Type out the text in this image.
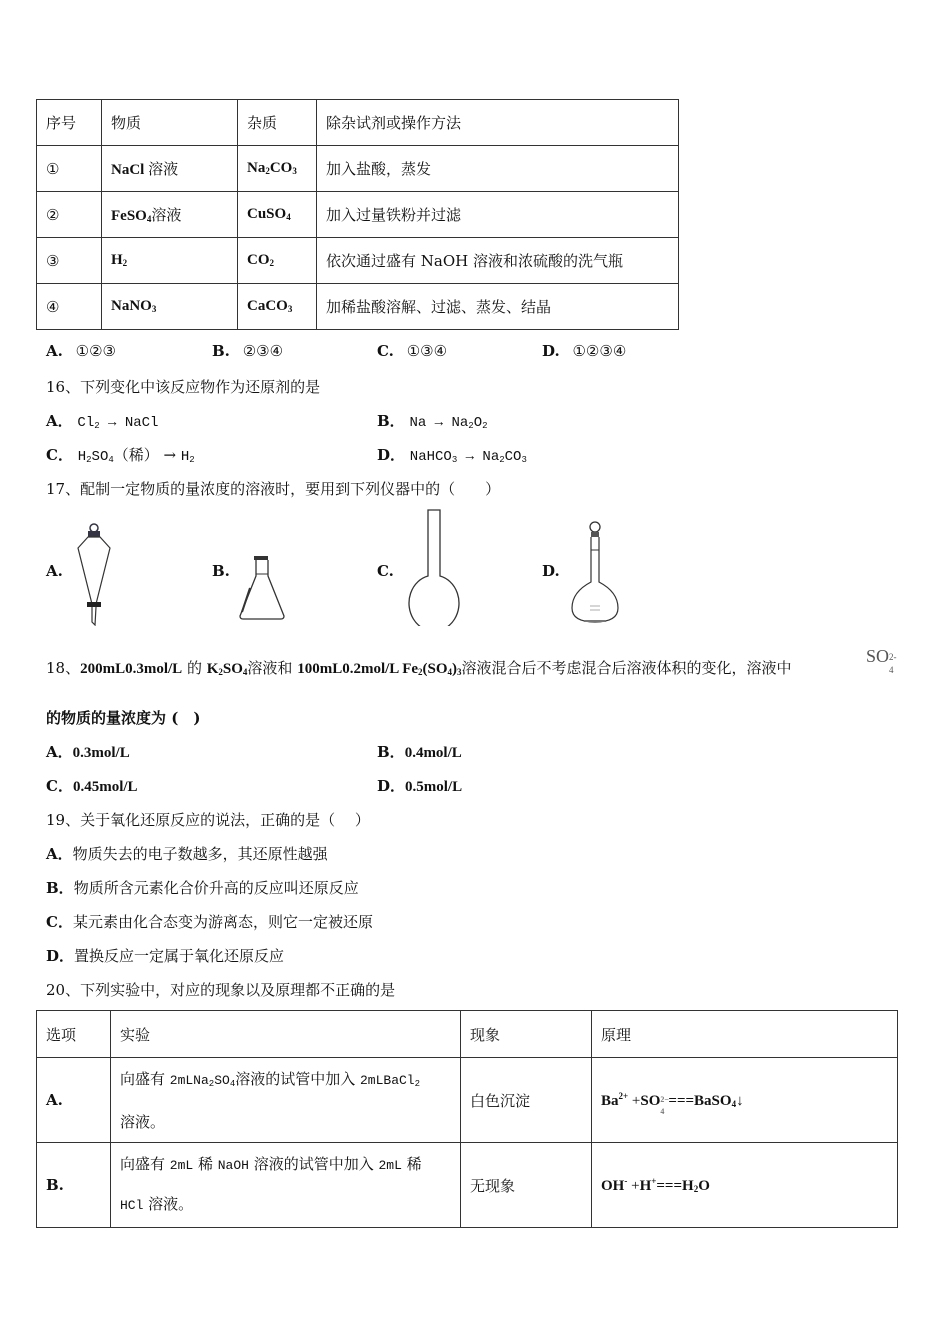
序号	物质	杂质	除杂试剂或操作方法
①	NaCl 溶液	$Na_2CO_3$	加入盐酸，蒸发
②	FeSO$_4$溶液	CuSO$_4$	加入过量铁粉并过滤
③	$H_2$	$CO_2$	依次通过盛有 NaOH 溶液和浓硫酸的洗气瓶
④	NaNO$_3$	CaCO$_3$	加稀盐酸溶解、过滤、蒸发、结晶
A. ①②③	B. ②③④	C. ①③④	D. ①②③④
16、下列变化中该反应物作为还原剂的是
A． $Cl_2$ → NaCl	B． $Na \to Na_2O_2$
C． $H_2SO_4$（稀） → $H_2$	D． NaHCO$_3$ → $Na_2CO_3$
17、配制一定物质的量浓度的溶液时，要用到下列仪器中的（　　）
A.	B.	C.	D.
18、200mL0.3mol/L 的 $K_2SO_4$溶液和 100mL0.2mol/L $Fe_2(SO_4)_3$溶液混合后不考虑混合后溶液体积的变化，溶液中
SO 2-
4
的物质的量浓度为 (　)
A．0.3mol/L	B．0.4mol/L
C．0.45mol/L	D．0.5mol/L
19、关于氧化还原反应的说法，正确的是（　 ）
A．物质失去的电子数越多，其还原性越强
B．物质所含元素化合价升高的反应叫还原反应
C．某元素由化合态变为游离态，则它一定被还原
D．置换反应一定属于氧化还原反应
20、下列实验中，对应的现象以及原理都不正确的是
选项	实验	现象	原理
A.	向盛有 $2mLNa_2SO_4$溶液的试管中加入 2mLBaCl$_2$
溶液。	白色沉淀	$Ba^{2+} +SO$ 2−
4
===BaSO$_4$↓
B.	向盛有 2mL 稀 NaOH 溶液的试管中加入 2mL 稀
HCl 溶液。	无现象	$OH^- +H^+===H_2O$
